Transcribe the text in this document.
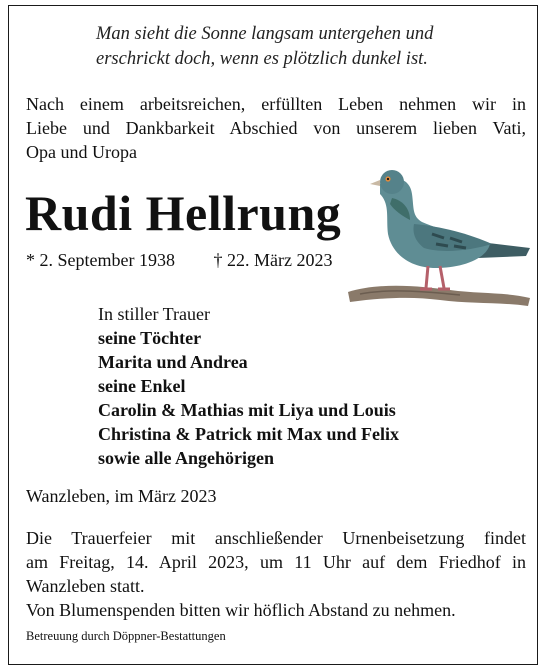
Man sieht die Sonne langsam untergehen und
erschrickt doch, wenn es plötzlich dunkel ist.
Nach einem arbeitsreichen, erfüllten Leben nehmen wir in
Liebe und Dankbarkeit Abschied von unserem lieben Vati,
Opa und Uropa
Rudi Hellrung
* 2. September 1938 † 22. März 2023
In stiller Trauer
seine Töchter
Marita und Andrea
seine Enkel
Carolin & Mathias mit Liya und Louis
Christina & Patrick mit Max und Felix
sowie alle Angehörigen
Wanzleben, im März 2023
Die Trauerfeier mit anschließender Urnenbeisetzung findet
am Freitag, 14. April 2023, um 11 Uhr auf dem Friedhof in
Wanzleben statt.
Von Blumenspenden bitten wir höflich Abstand zu nehmen.
Betreuung durch Döppner-Bestattungen
